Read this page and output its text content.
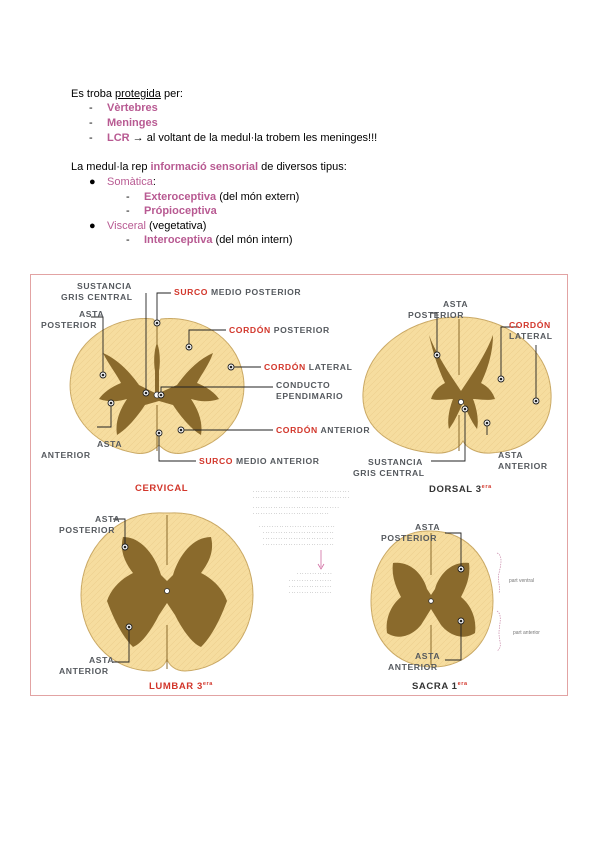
Es troba protegida per:
- Vèrtebres
- Meninges
- LCR → al voltant de la medul·la trobem les meninges!!!
La medul·la rep informació sensorial de diversos tipus:
● Somàtica:
- Exteroceptiva (del món extern)
- Própioceptiva
● Visceral (vegetativa)
- Interoceptiva (del món intern)
SUSTANCIA
GRIS CENTRAL
ASTA
POSTERIOR
SURCO MEDIO POSTERIOR
CORDÓN POSTERIOR
CORDÓN LATERAL
CONDUCTO
EPENDIMARIO
CORDÓN ANTERIOR
ASTA
ANTERIOR
SURCO MEDIO ANTERIOR
CERVICAL
ASTA
POSTERIOR
CORDÓN
LATERAL
SUSTANCIA
GRIS CENTRAL
ASTA
ANTERIOR
DORSAL $3^{era}$
· · · · · · · · · · · · · · · · · · · · · · · · · · · · · · · · · · · · · ·
· · · · · · · · · · · · · · · · · · · · · · · · · · · · · · · · · · · · · ·
· · · · · · · · · · · · · · · · · · · · · · · · · · · · · · · · · ·
· · · · · · · · · · · · · · · · · · · · · · · · · · · · · ·
· · · · · · · · · · · · · · · · · · · · · · · · · · · · · ·
· · · · · · · · · · · · · · · · · · · · · · · · · · · ·
· · · · · · · · · · · · · · · · · · · · · · · · · · · ·
· · · · · · · · · · · · · · · · · · · · · · · · · · · ·
· · · · · · · · · · · · · ·
· · · · · · · · · · · · · · · · ·
· · · · · · · · · · · · · · · · ·
· · · · · · · · · · · · · · · · ·
ASTA
POSTERIOR
ASTA
ANTERIOR
LUMBAR $3^{era}$
ASTA
POSTERIOR
ASTA
ANTERIOR
SACRA $1^{era}$
part ventral
part anterior
